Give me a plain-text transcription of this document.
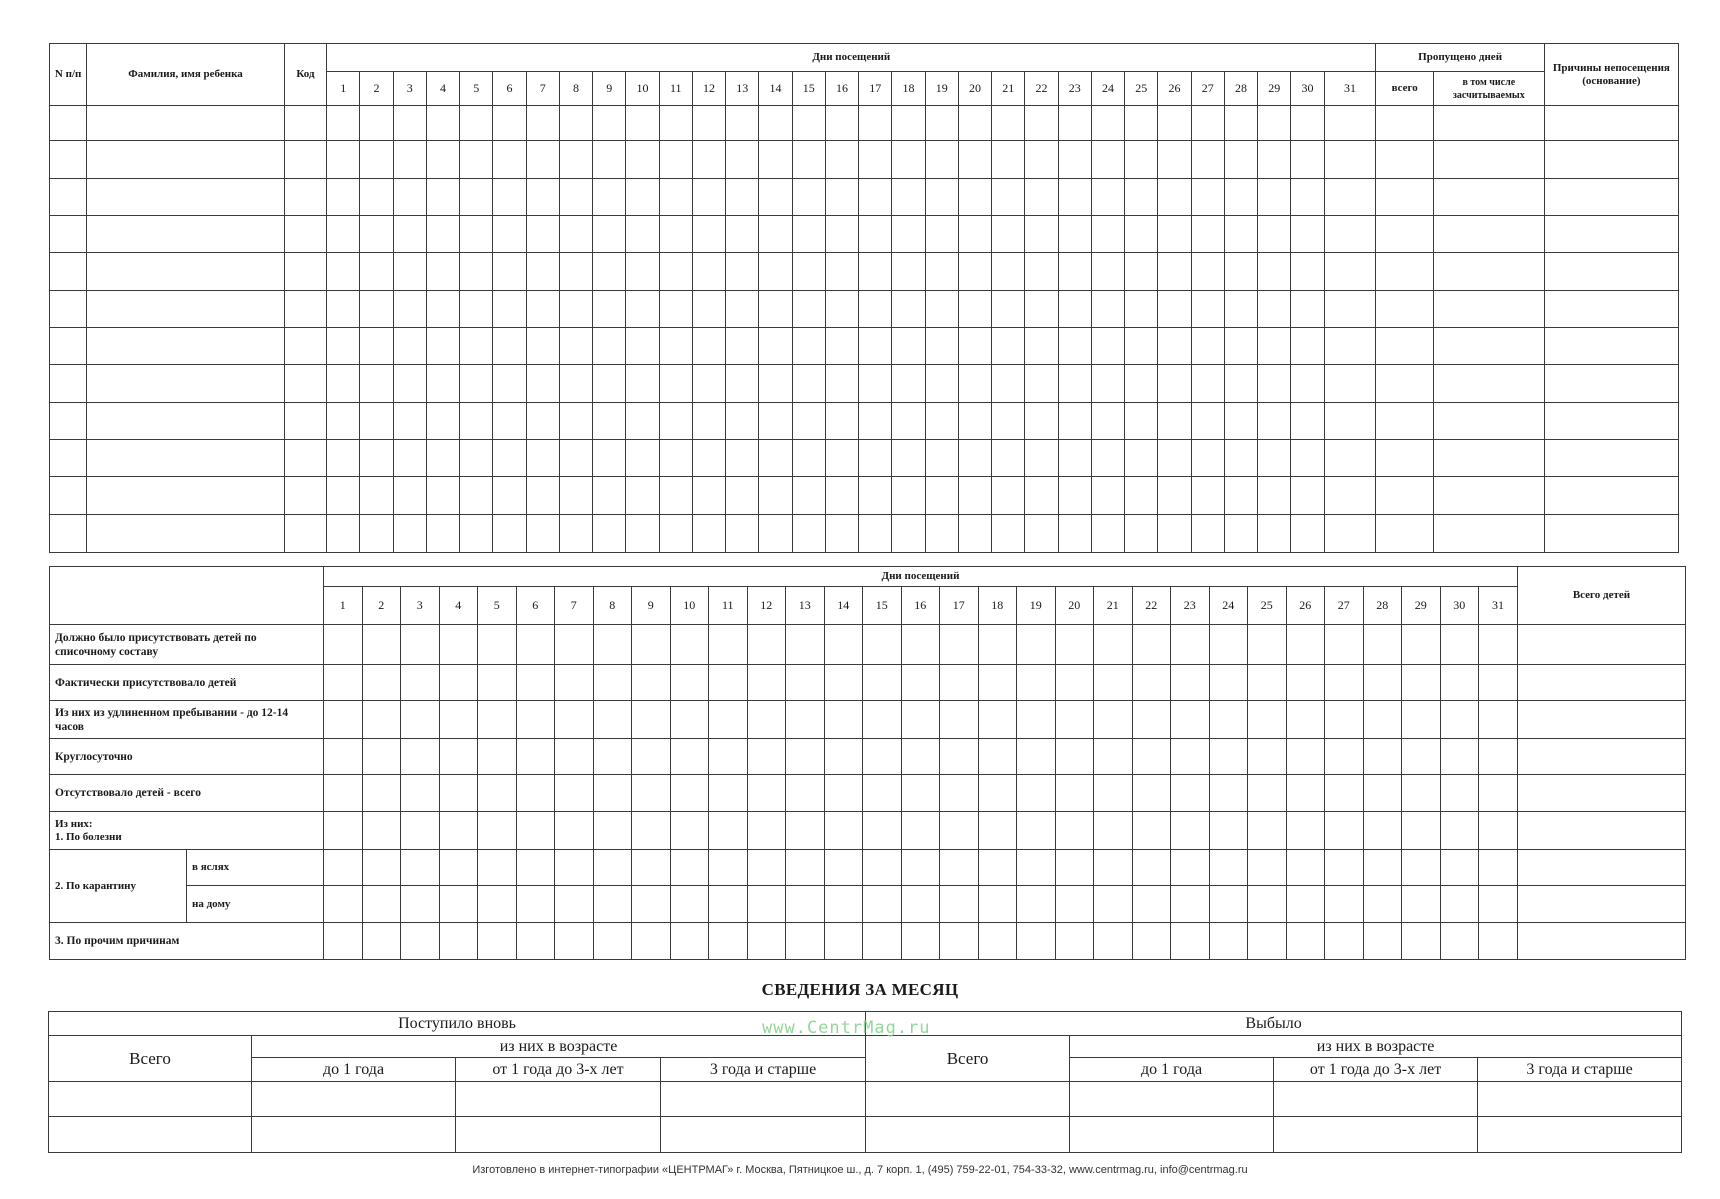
N п/п	Фамилия, имя ребенка	Код	Дни посещений																															Пропущено дней		Причины непосещения (основание)
			1	2	3	4	5	6	7	8	9	10	11	12	13	14	15	16	17	18	19	20	21	22	23	24	25	26	27	28	29	30	31	всего	в том числе засчитываемых	

		Дни посещений																															Всего детей
		1	2	3	4	5	6	7	8	9	10	11	12	13	14	15	16	17	18	19	20	21	22	23	24	25	26	27	28	29	30	31	
Должно было присутствовать детей по списочному составу																																	
Фактически присутствовало детей																																	
Из них из удлиненном пребывании - до 12-14 часов																																	
Круглосуточно																																	
Отсутствовало детей - всего																																	

Из них:
1. По болезни																																	

2. По карантину	в яслях																																
	на дому																																
3. По прочим причинам																																	
СВЕДЕНИЯ ЗА МЕСЯЦ
Поступило вновь				Выбыло			
Всего	из них в возрасте			Всего	из них в возрасте		
	до 1 года	от 1 года до 3-х лет	3 года и старше		до 1 года	от 1 года до 3-х лет	3 года и старше

www.CentrMag.ru
Изготовлено в интернет-типографии «ЦЕНТРМАГ» г. Москва, Пятницкое ш., д. 7 корп. 1, (495) 759-22-01, 754-33-32, www.centrmag.ru, info@centrmag.ru
